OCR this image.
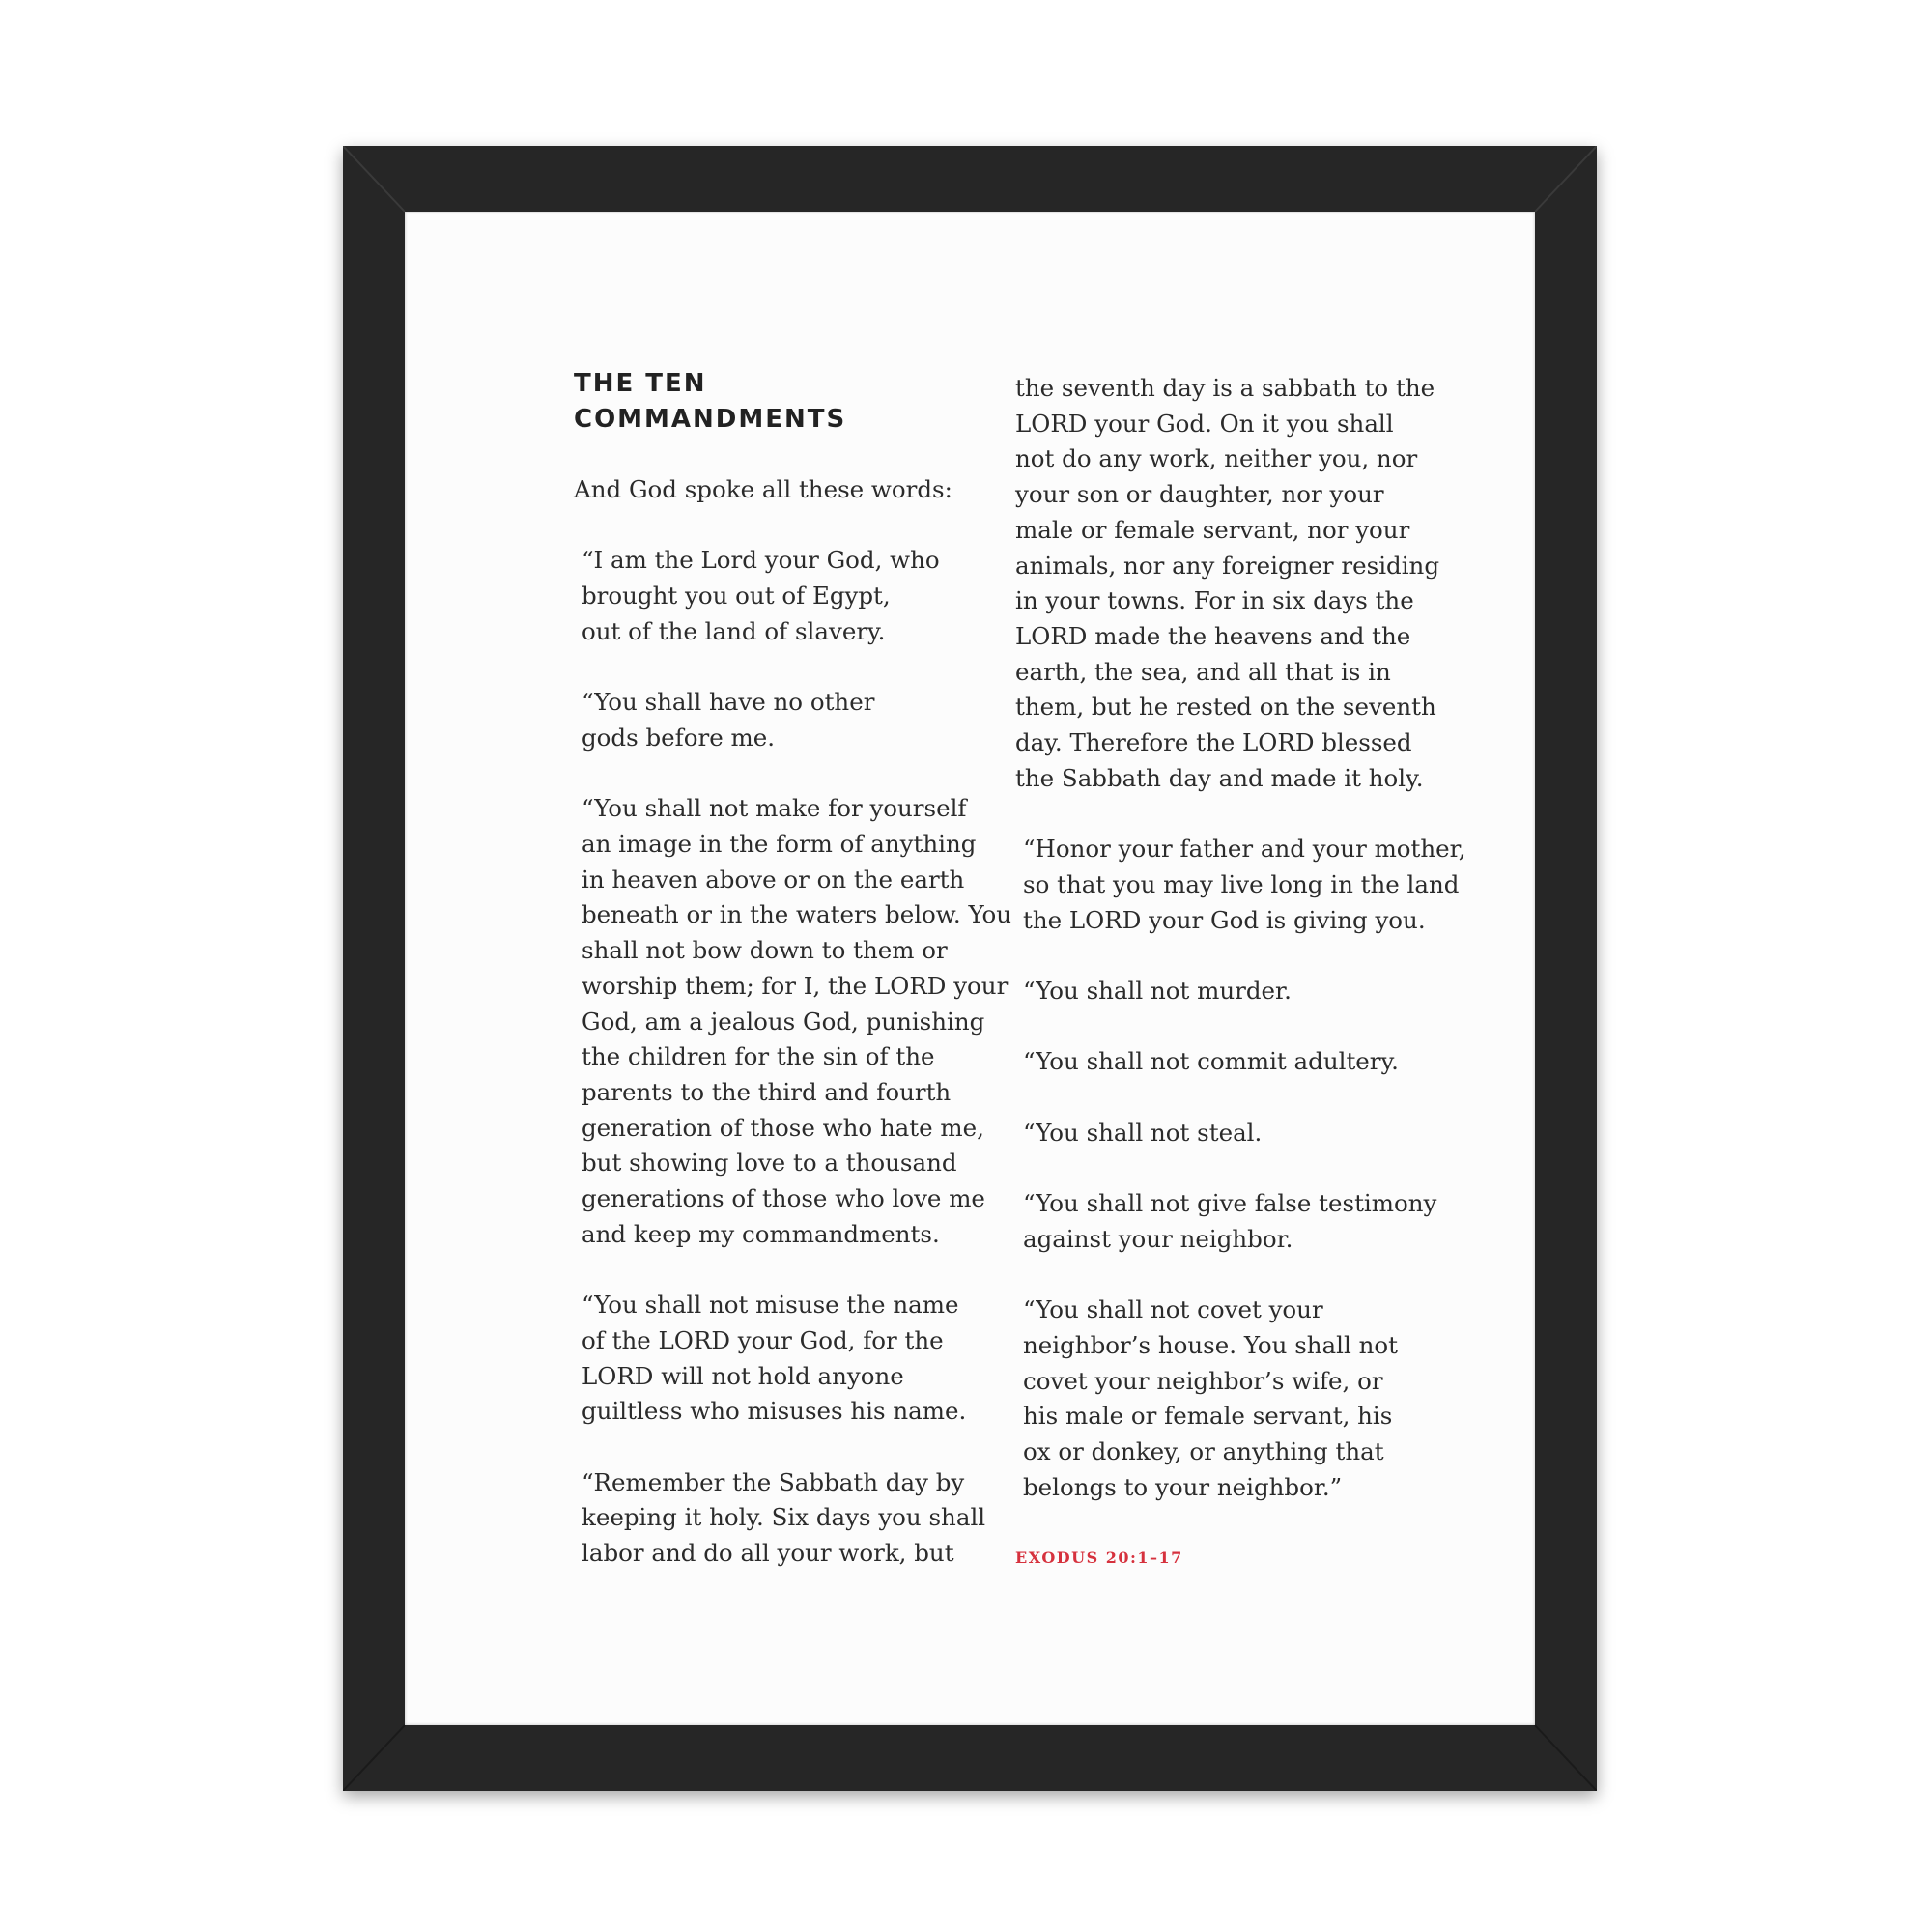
THE TEN COMMANDMENTS
And God spoke all these words:
“I am the Lord your God, who
brought you out of Egypt,
out of the land of slavery.
“You shall have no other
gods before me.
“You shall not make for yourself
an image in the form of anything
in heaven above or on the earth
beneath or in the waters below. You
shall not bow down to them or
worship them; for I, the LORD your
God, am a jealous God, punishing
the children for the sin of the
parents to the third and fourth
generation of those who hate me,
but showing love to a thousand
generations of those who love me
and keep my commandments.
“You shall not misuse the name
of the LORD your God, for the
LORD will not hold anyone
guiltless who misuses his name.
“Remember the Sabbath day by
keeping it holy. Six days you shall
labor and do all your work, but
the seventh day is a sabbath to the
LORD your God. On it you shall
not do any work, neither you, nor
your son or daughter, nor your
male or female servant, nor your
animals, nor any foreigner residing
in your towns. For in six days the
LORD made the heavens and the
earth, the sea, and all that is in
them, but he rested on the seventh
day. Therefore the LORD blessed
the Sabbath day and made it holy.
“Honor your father and your mother,
so that you may live long in the land
the LORD your God is giving you.
“You shall not murder.
“You shall not commit adultery.
“You shall not steal.
“You shall not give false testimony
against your neighbor.
“You shall not covet your
neighbor’s house. You shall not
covet your neighbor’s wife, or
his male or female servant, his
ox or donkey, or anything that
belongs to your neighbor.”
EXODUS 20:1–17
